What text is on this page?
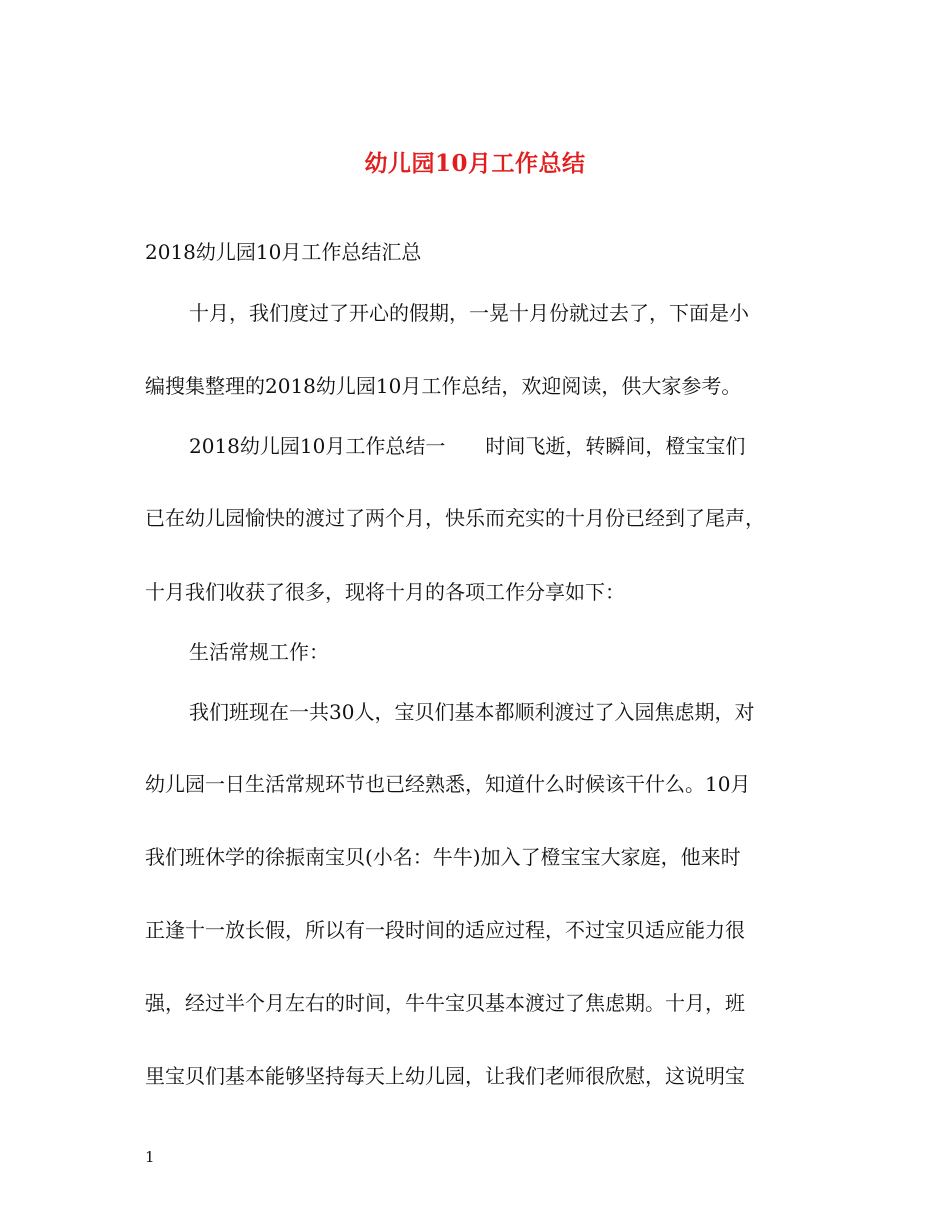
幼儿园10月工作总结
2018幼儿园10月工作总结汇总
十月，我们度过了开心的假期，一晃十月份就过去了，下面是小
编搜集整理的2018幼儿园10月工作总结，欢迎阅读，供大家参考。
2018幼儿园10月工作总结一　　时间飞逝，转瞬间，橙宝宝们
已在幼儿园愉快的渡过了两个月，快乐而充实的十月份已经到了尾声，
十月我们收获了很多，现将十月的各项工作分享如下：
生活常规工作：
我们班现在一共30人，宝贝们基本都顺利渡过了入园焦虑期，对
幼儿园一日生活常规环节也已经熟悉，知道什么时候该干什么。10月
我们班休学的徐振南宝贝(小名：牛牛)加入了橙宝宝大家庭，他来时
正逢十一放长假，所以有一段时间的适应过程，不过宝贝适应能力很
强，经过半个月左右的时间，牛牛宝贝基本渡过了焦虑期。十月，班
里宝贝们基本能够坚持每天上幼儿园，让我们老师很欣慰，这说明宝
1
